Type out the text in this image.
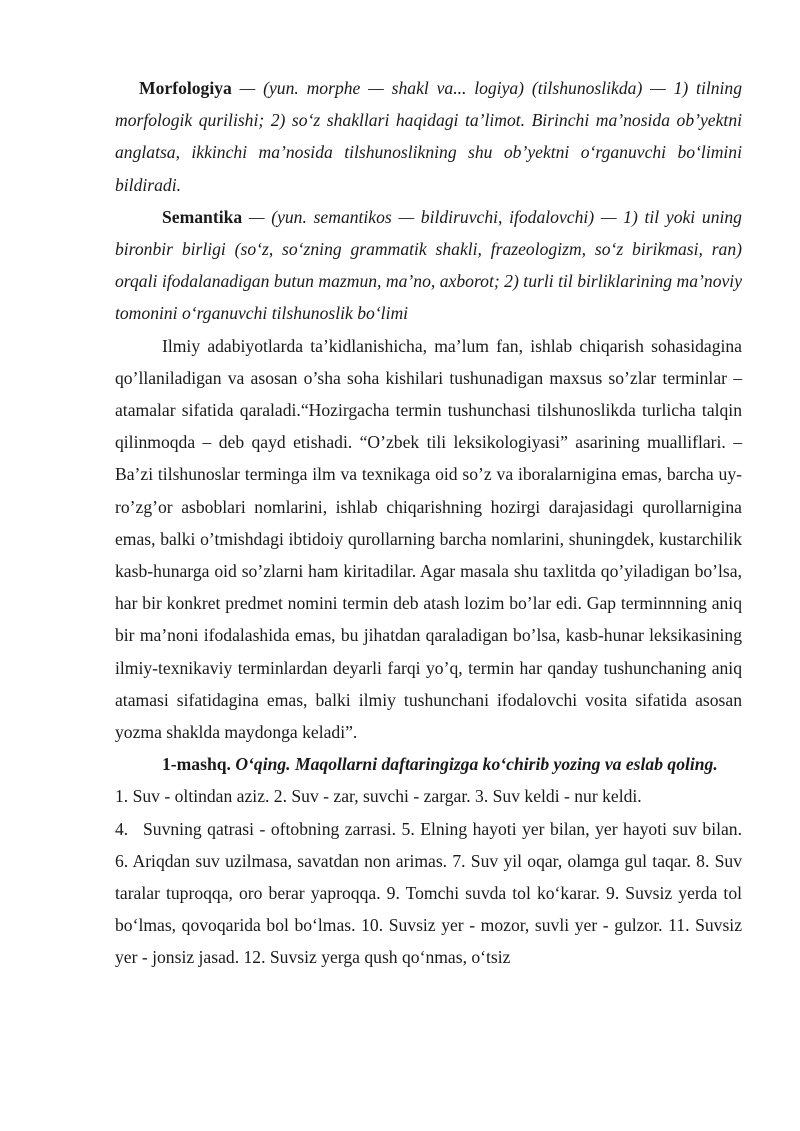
Morfologiya — (yun. morphe — shakl va... logiya) (tilshunoslikda) — 1) tilning morfologik qurilishi; 2) so‘z shakllari haqidagi ta’limot. Birinchi ma’nosida ob’yektni anglatsa, ikkinchi ma’nosida tilshunoslikning shu ob’yektni o‘rganuvchi bo‘limini bildiradi.

Semantika — (yun. semantikos — bildiruvchi, ifodalovchi) — 1) til yoki uning bironbir birligi (so‘z, so‘zning grammatik shakli, frazeologizm, so‘z birikmasi, ran) orqali ifodalanadigan butun mazmun, ma’no, axborot; 2) turli til birliklarining ma’noviy tomonini o‘rganuvchi tilshunoslik bo‘limi

Ilmiy adabiyotlarda ta’kidlanishicha, ma’lum fan, ishlab chiqarish sohasidagina qo’llaniladigan va asosan o’sha soha kishilari tushunadigan maxsus so’zlar terminlar – atamalar sifatida qaraladi.“Hozirgacha termin tushunchasi tilshunoslikda turlicha talqin qilinmoqda – deb qayd etishadi. “O’zbek tili leksikologiyasi” asarining mualliflari. – Ba’zi tilshunoslar terminga ilm va texnikaga oid so’z va iboralarnigina emas, barcha uy-ro’zg’or asboblari nomlarini, ishlab chiqarishning hozirgi darajasidagi qurollarnigina emas, balki o’tmishdagi ibtidoiy qurollarning barcha nomlarini, shuningdek, kustarchilik kasb-hunarga oid so’zlarni ham kiritadilar. Agar masala shu taxlitda qo’yiladigan bo’lsa, har bir konkret predmet nomini termin deb atash lozim bo’lar edi. Gap terminnning aniq bir ma’noni ifodalashida emas, bu jihatdan qaraladigan bo’lsa, kasb-hunar leksikasining ilmiy-texnikaviy terminlardan deyarli farqi yo’q, termin har qanday tushunchaning aniq atamasi sifatidagina emas, balki ilmiy tushunchani ifodalovchi vosita sifatida asosan yozma shaklda maydonga keladi”.

1-mashq. O‘qing. Maqollarni daftaringizga ko‘chirib yozing va eslab qoling.

1. Suv - oltindan aziz. 2. Suv - zar, suvchi - zargar. 3. Suv keldi - nur keldi.

4. Suvning qatrasi - oftobning zarrasi. 5. Elning hayoti yer bilan, yer hayoti suv bilan. 6. Ariqdan suv uzilmasa, savatdan non arimas. 7. Suv yil oqar, olamga gul taqar. 8. Suv taralar tuproqqa, oro berar yaproqqa. 9. Tomchi suvda tol ko‘karar. 9. Suvsiz yerda tol bo‘lmas, qovoqarida bol bo‘lmas. 10. Suvsiz yer - mozor, suvli yer - gulzor. 11. Suvsiz yer - jonsiz jasad. 12. Suvsiz yerga qush qo‘nmas, o‘tsiz
